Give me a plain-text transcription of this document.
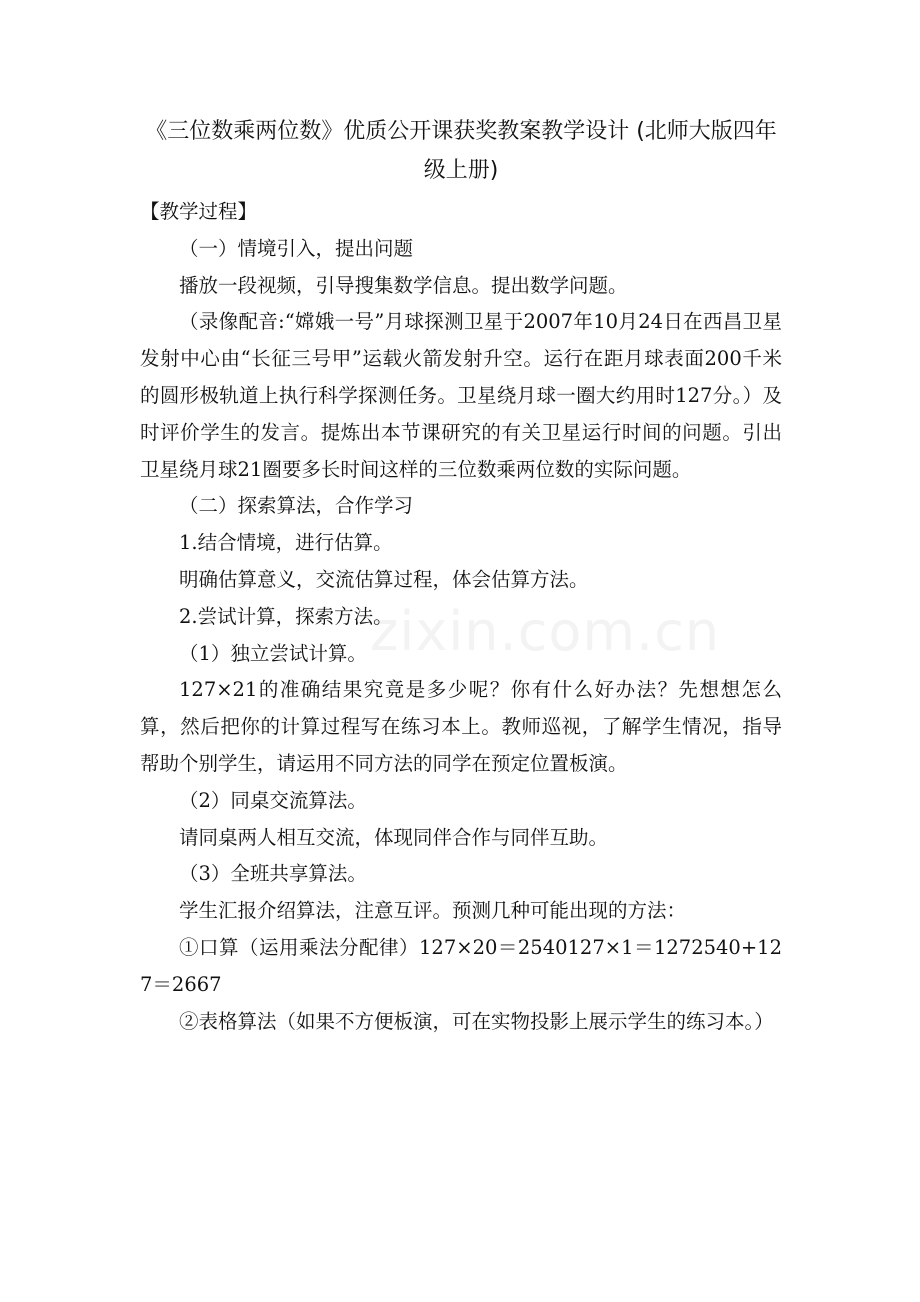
zixin.com.cn
《三位数乘两位数》优质公开课获奖教案教学设计 (北师大版四年级上册)

【教学过程】

（一）情境引入，提出问题

播放一段视频，引导搜集数学信息。提出数学问题。

（录像配音:“嫦娥一号”月球探测卫星于2007年10月24日在西昌卫星发射中心由“长征三号甲”运载火箭发射升空。运行在距月球表面200千米的圆形极轨道上执行科学探测任务。卫星绕月球一圈大约用时127分。）及时评价学生的发言。提炼出本节课研究的有关卫星运行时间的问题。引出卫星绕月球21圈要多长时间这样的三位数乘两位数的实际问题。

（二）探索算法，合作学习

1.结合情境，进行估算。

明确估算意义，交流估算过程，体会估算方法。

2.尝试计算，探索方法。

（1）独立尝试计算。

127×21的准确结果究竟是多少呢？你有什么好办法？先想想怎么算，然后把你的计算过程写在练习本上。教师巡视，了解学生情况，指导帮助个别学生，请运用不同方法的同学在预定位置板演。

（2）同桌交流算法。

请同桌两人相互交流，体现同伴合作与同伴互助。

（3）全班共享算法。

学生汇报介绍算法，注意互评。预测几种可能出现的方法：

①口算（运用乘法分配律）127×20＝2540127×1＝1272540+127＝2667

②表格算法（如果不方便板演，可在实物投影上展示学生的练习本。）
